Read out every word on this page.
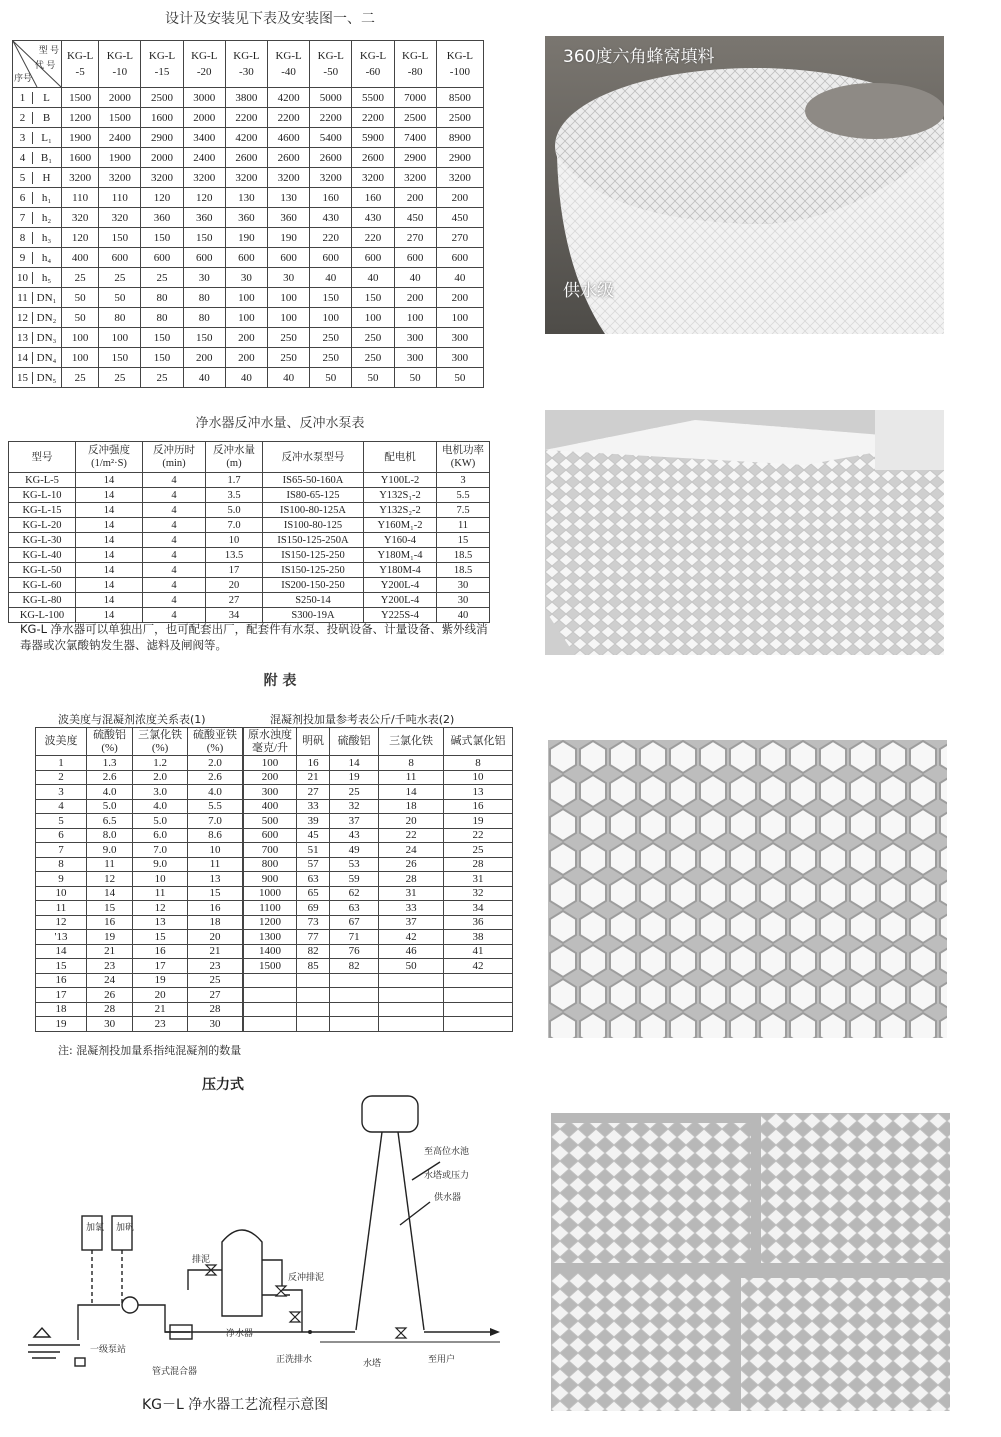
设计及安装见下表及安装图一、二
型 号
代 号
序号	KG-L -5	KG-L -10	KG-L -15	KG-L -20	KG-L -30	KG-L -40	KG-L -50	KG-L -60	KG-L -80	KG-L -100
1 L	1500	2000	2500	3000	3800	4200	5000	5500	7000	8500
2 B	1200	1500	1600	2000	2200	2200	2200	2200	2500	2500
3 L₁	1900	2400	2900	3400	4200	4600	5400	5900	7400	8900
4 B₁	1600	1900	2000	2400	2600	2600	2600	2600	2900	2900
5 H	3200	3200	3200	3200	3200	3200	3200	3200	3200	3200
6 h₁	110	110	120	120	130	130	160	160	200	200
7 h₂	320	320	360	360	360	360	430	430	450	450
8 h₃	120	150	150	150	190	190	220	220	270	270
9 h₄	400	600	600	600	600	600	600	600	600	600
10 h₅	25	25	25	30	30	30	40	40	40	40
11 DN₁	50	50	80	80	100	100	150	150	200	200
12 DN₂	50	80	80	80	100	100	100	100	100	100
13 DN₃	100	100	150	150	200	250	250	250	300	300
14 DN₄	100	150	150	200	200	250	250	250	300	300
15 DN₅	25	25	25	40	40	40	50	50	50	50
净水器反冲水量、反冲水泵表
型号	反冲强度 (1/m²·S)	反冲历时 (min)	反冲水量 (m)	反冲水泵型号	配电机	电机功率 (KW)
KG-L-5	14	4	1.7	IS65-50-160A	Y100L-2	3
KG-L-10	14	4	3.5	IS80-65-125	Y132S₁-2	5.5
KG-L-15	14	4	5.0	IS100-80-125A	Y132S₂-2	7.5
KG-L-20	14	4	7.0	IS100-80-125	Y160M₁-2	11
KG-L-30	14	4	10	IS150-125-250A	Y160-4	15
KG-L-40	14	4	13.5	IS150-125-250	Y180M₁-4	18.5
KG-L-50	14	4	17	IS150-125-250	Y180M-4	18.5
KG-L-60	14	4	20	IS200-150-250	Y200L-4	30
KG-L-80	14	4	27	S250-14	Y200L-4	30
KG-L-100	14	4	34	S300-19A	Y225S-4	40
KG-L 净水器可以单独出厂，也可配套出厂，配套件有水泵、投矾设备、计量设备、紫外线消毒器或次氯酸钠发生器、滤料及闸阀等。
附 表
波美度与混凝剂浓度关系表(1)	混凝剂投加量参考表公斤/千吨水表(2)
波美度	硫酸铝 (%)	三氯化铁 (%)	硫酸亚铁 (%)
1	1.3	1.2	2.0
2	2.6	2.0	2.6
3	4.0	3.0	4.0
4	5.0	4.0	5.5
5	6.5	5.0	7.0
6	8.0	6.0	8.6
7	9.0	7.0	10
8	11	9.0	11
9	12	10	13
10	14	11	15
11	15	12	16
12	16	13	18
'13	19	15	20
14	21	16	21
15	23	17	23
16	24	19	25
17	26	20	27
18	28	21	28
19	30	23	30
原水浊度 毫克/升	明矾	硫酸铝	三氯化铁	碱式氯化铝
100	16	14	8	8
200	21	19	11	10
300	27	25	14	13
400	33	32	18	16
500	39	37	20	19
600	45	43	22	22
700	51	49	24	25
800	57	53	26	28
900	63	59	28	31
1000	65	62	31	32
1100	69	63	33	34
1200	73	67	37	36
1300	77	71	42	38
1400	82	76	46	41
1500	85	82	50	42

注: 混凝剂投加量系指纯混凝剂的数量
压力式
至高位水池
水塔或压力
供水器
加氯 加矾
排泥
反冲排泥
净水器
一级泵站
管式混合器
正洗排水	水塔	至用户
KG－L 净水器工艺流程示意图
360度六角蜂窝填料
供水级
